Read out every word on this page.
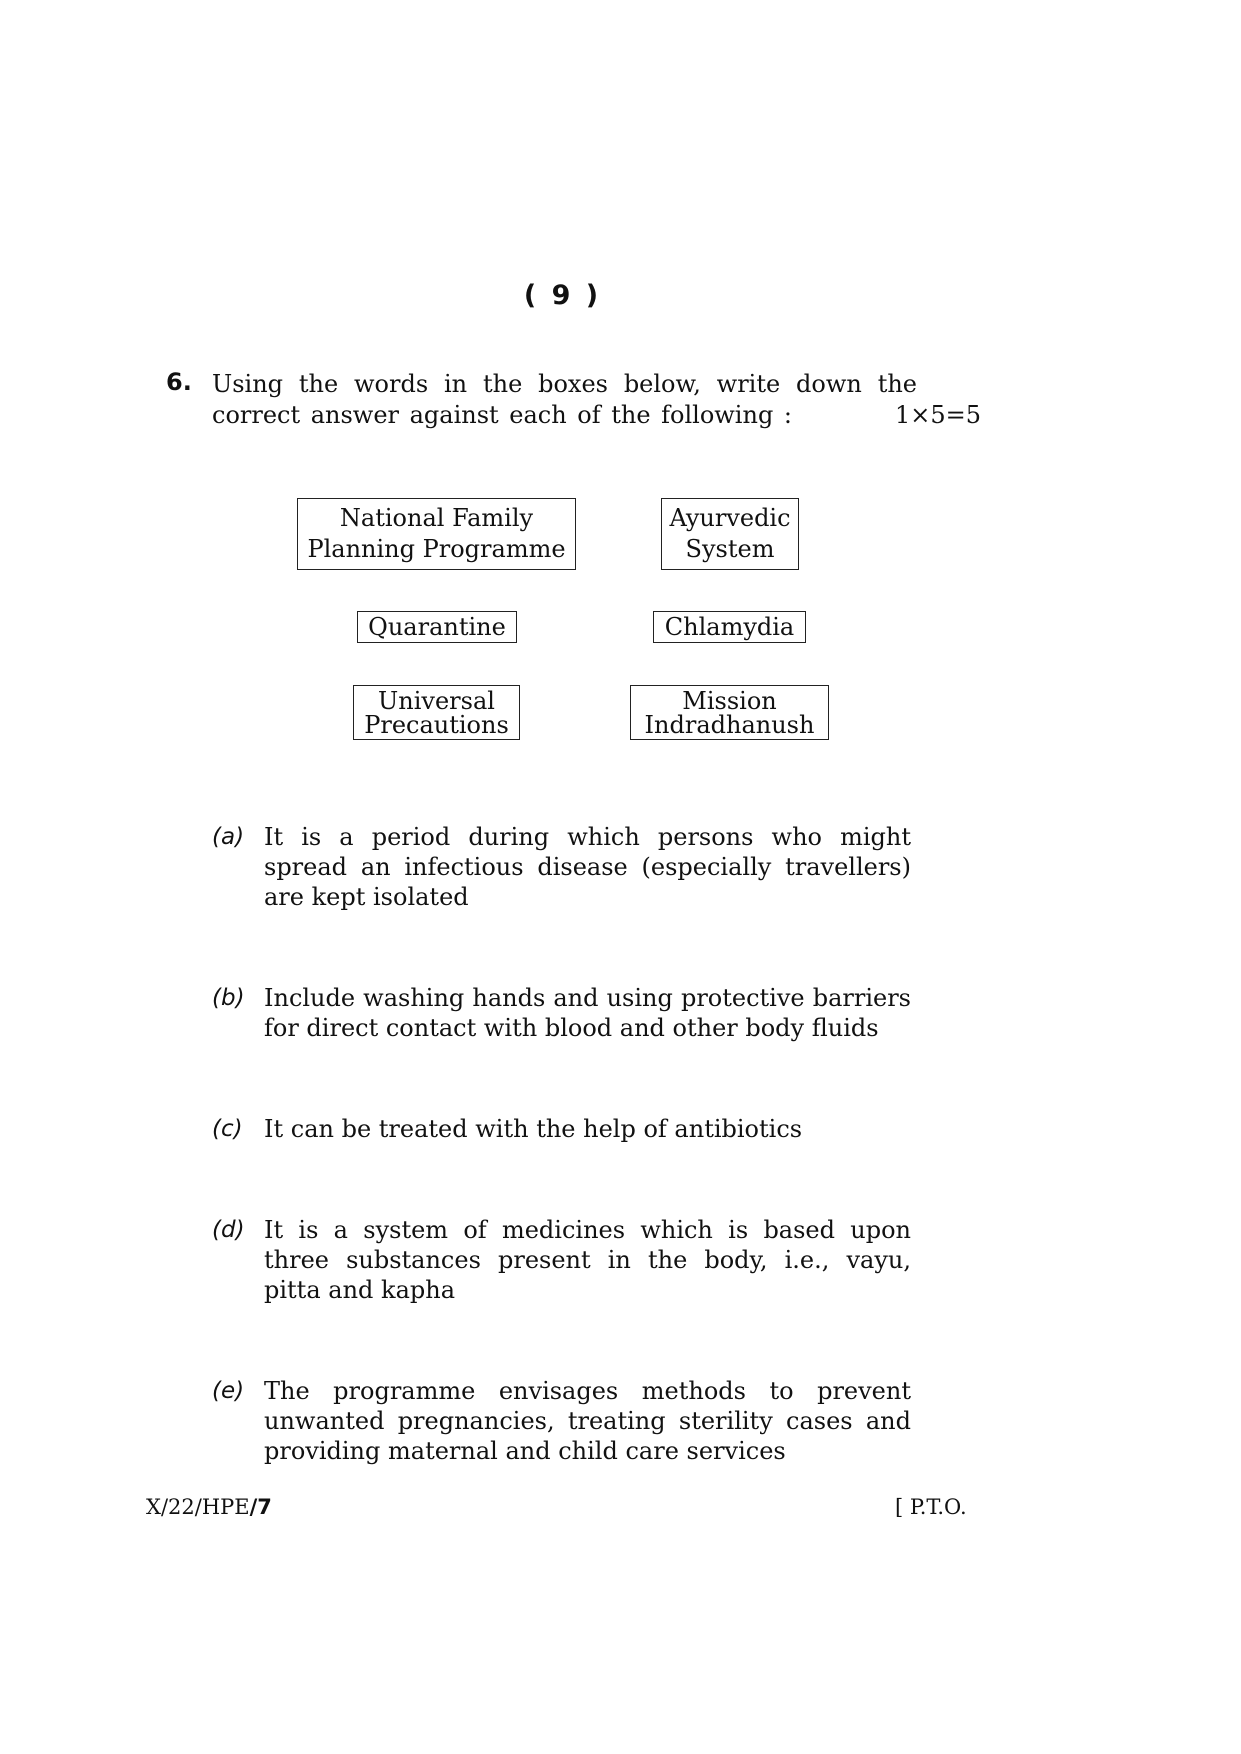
( 9 )
6. Using the words in the boxes below, write down the
correct answer against each of the following :	1×5=5
National Family
Planning Programme
Ayurvedic
System
Quarantine	Chlamydia
Universal
Precautions
Mission
Indradhanush
(a) It is a period during which persons who might
spread an infectious disease (especially travellers)
are kept isolated
(b) Include washing hands and using protective barriers
for direct contact with blood and other body fluids
(c) It can be treated with the help of antibiotics
(d) It is a system of medicines which is based upon
three substances present in the body, i.e., vayu,
pitta and kapha
(e) The programme envisages methods to prevent
unwanted pregnancies, treating sterility cases and
providing maternal and child care services
X/22/HPE/7	[ P.T.O.
